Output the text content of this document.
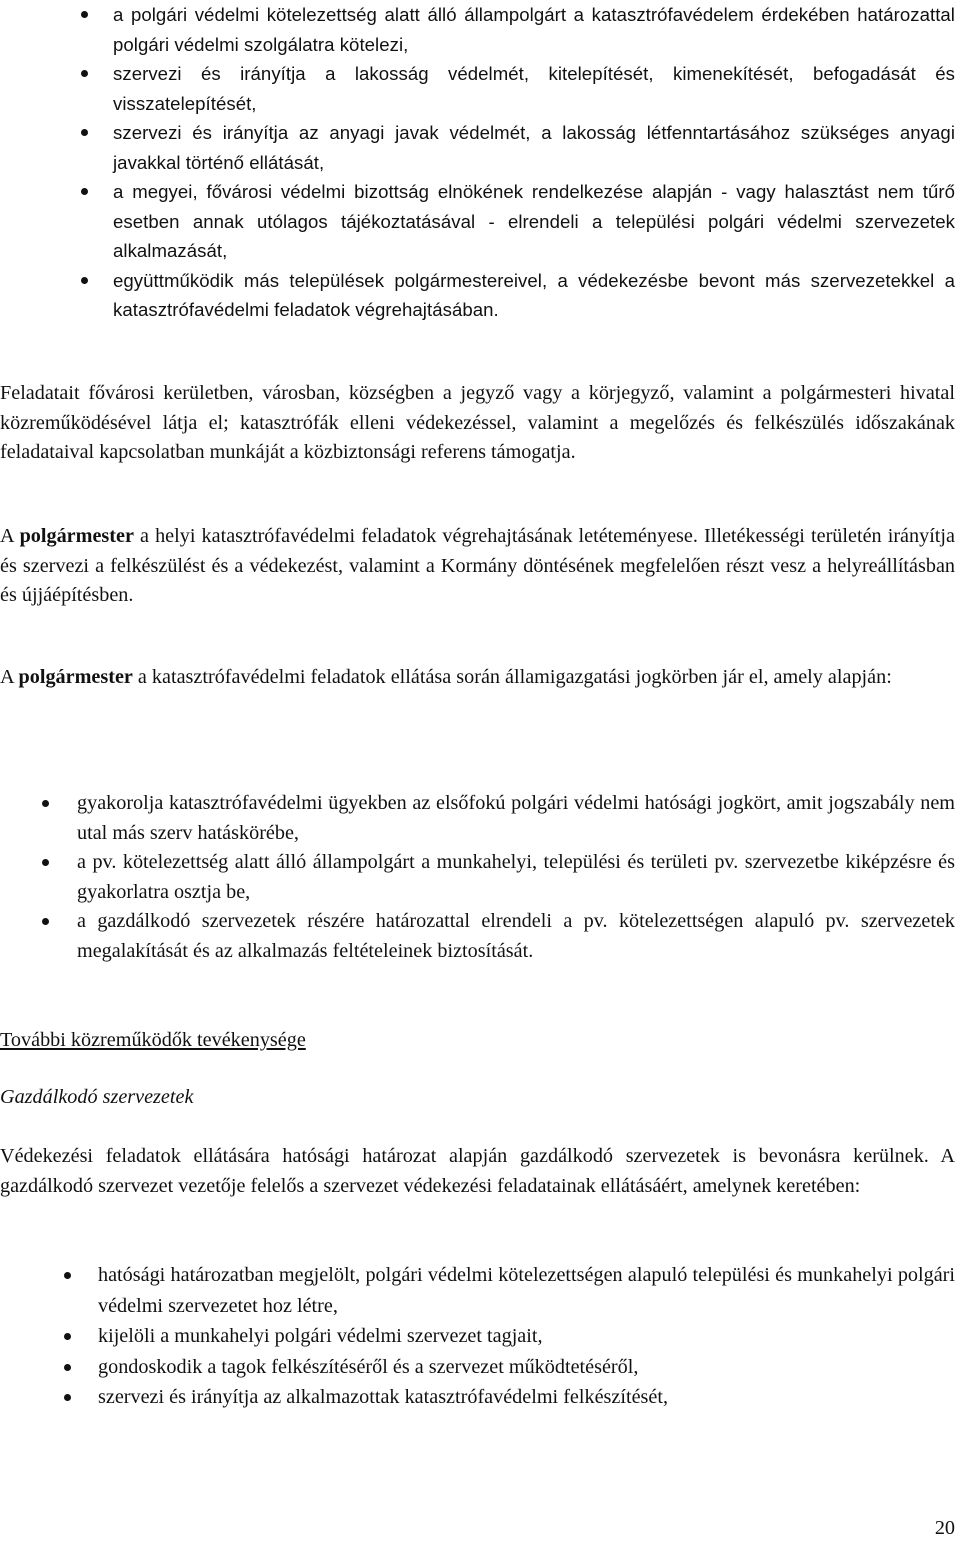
a polgári védelmi kötelezettség alatt álló állampolgárt a katasztrófavédelem érdekében határozattal polgári védelmi szolgálatra kötelezi,
szervezi és irányítja a lakosság védelmét, kitelepítését, kimenekítését, befogadását és visszatelepítését,
szervezi és irányítja az anyagi javak védelmét, a lakosság létfenntartásához szükséges anyagi javakkal történő ellátását,
a megyei, fővárosi védelmi bizottság elnökének rendelkezése alapján - vagy halasztást nem tűrő esetben annak utólagos tájékoztatásával - elrendeli a települési polgári védelmi szervezetek alkalmazását,
együttműködik más települések polgármestereivel, a védekezésbe bevont más szervezetekkel a katasztrófavédelmi feladatok végrehajtásában.

Feladatait fővárosi kerületben, városban, községben a jegyző vagy a körjegyző, valamint a polgármesteri hivatal közreműködésével látja el; katasztrófák elleni védekezéssel, valamint a megelőzés és felkészülés időszakának feladataival kapcsolatban munkáját a közbiztonsági referens támogatja.

A polgármester a helyi katasztrófavédelmi feladatok végrehajtásának letéteményese. Illetékességi területén irányítja és szervezi a felkészülést és a védekezést, valamint a Kormány döntésének megfelelően részt vesz a helyreállításban és újjáépítésben.

A polgármester a katasztrófavédelmi feladatok ellátása során államigazgatási jogkörben jár el, amely alapján:

gyakorolja katasztrófavédelmi ügyekben az elsőfokú polgári védelmi hatósági jogkört, amit jogszabály nem utal más szerv hatáskörébe,
a pv. kötelezettség alatt álló állampolgárt a munkahelyi, települési és területi pv. szervezetbe kiképzésre és gyakorlatra osztja be,
a gazdálkodó szervezetek részére határozattal elrendeli a pv. kötelezettségen alapuló pv. szervezetek megalakítását és az alkalmazás feltételeinek biztosítását.
További közreműködők tevékenysége
Gazdálkodó szervezetek

Védekezési feladatok ellátására hatósági határozat alapján gazdálkodó szervezetek is bevonásra kerülnek. A gazdálkodó szervezet vezetője felelős a szervezet védekezési feladatainak ellátásáért, amelynek keretében:

hatósági határozatban megjelölt, polgári védelmi kötelezettségen alapuló települési és munkahelyi polgári védelmi szervezetet hoz létre,
kijelöli a munkahelyi polgári védelmi szervezet tagjait,
gondoskodik a tagok felkészítéséről és a szervezet működtetéséről,
szervezi és irányítja az alkalmazottak katasztrófavédelmi felkészítését,
20
